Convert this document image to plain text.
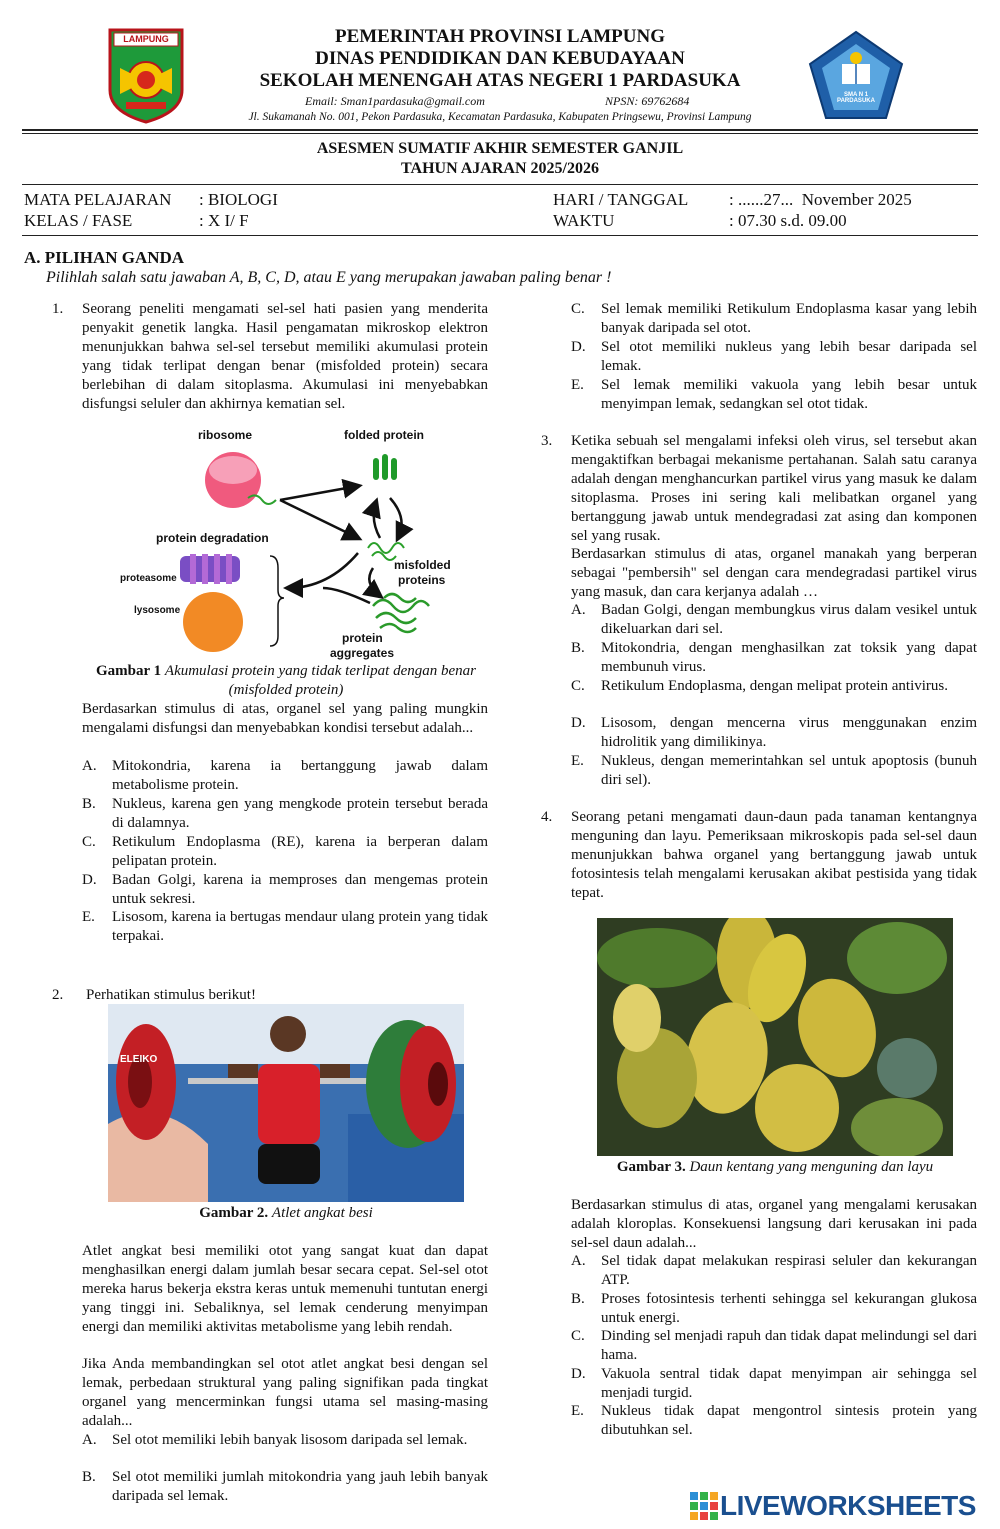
LAMPUNG	PEMERINTAH PROVINSI LAMPUNG
DINAS PENDIDIKAN DAN KEBUDAYAAN
SEKOLAH MENENGAH ATAS NEGERI 1 PARDASUKA
Email: Sman1pardasuka@gmail.com	NPSN: 69762684
Jl. Sukamanah No. 001, Pekon Pardasuka, Kecamatan Pardasuka, Kabupaten Pringsewu, Provinsi Lampung
SMA N 1 PARDASUKA
ASESMEN SUMATIF AKHIR SEMESTER GANJIL
TAHUN AJARAN 2025/2026
MATA PELAJARAN : BIOLOGI
KELAS / FASE	: X I/ F
HARI / TANGGAL : ......27...  November 2025
WAKTU	: 07.30 s.d. 09.00
A. PILIHAN GANDA
Pilihlah salah satu jawaban A, B, C, D, atau E yang merupakan jawaban paling benar !
1. Seorang peneliti mengamati sel-sel hati pasien yang menderita penyakit genetik langka. Hasil pengamatan mikroskop elektron menunjukkan bahwa sel-sel tersebut memiliki akumulasi protein yang tidak terlipat dengan benar (misfolded protein) secara berlebihan di dalam sitoplasma. Akumulasi ini menyebabkan disfungsi seluler dan akhirnya kematian sel.
ribosome	folded protein
protein degradation
proteasome
lysosome
misfolded
proteins
protein
aggregates
Gambar 1 Akumulasi protein yang tidak terlipat dengan benar (misfolded protein)
Berdasarkan stimulus di atas, organel sel yang paling mungkin mengalami disfungsi dan menyebabkan kondisi tersebut adalah...
A. Mitokondria, karena ia bertanggung jawab dalam metabolisme protein.
B. Nukleus, karena gen yang mengkode protein tersebut berada di dalamnya.
C. Retikulum Endoplasma (RE), karena ia berperan dalam pelipatan protein.
D. Badan Golgi, karena ia memproses dan mengemas protein untuk sekresi.
E. Lisosom, karena ia bertugas mendaur ulang protein yang tidak terpakai.
2. Perhatikan stimulus berikut!
ELEIKO
Gambar 2. Atlet angkat besi
Atlet angkat besi memiliki otot yang sangat kuat dan dapat menghasilkan energi dalam jumlah besar secara cepat. Sel-sel otot mereka harus bekerja ekstra keras untuk memenuhi tuntutan energi yang tinggi ini. Sebaliknya, sel lemak cenderung menyimpan energi dan memiliki aktivitas metabolisme yang lebih rendah.
Jika Anda membandingkan sel otot atlet angkat besi dengan sel lemak, perbedaan struktural yang paling signifikan pada tingkat organel yang mencerminkan fungsi utama sel masing-masing adalah...
A. Sel otot memiliki lebih banyak lisosom daripada sel lemak.
B. Sel otot memiliki jumlah mitokondria yang jauh lebih banyak daripada sel lemak.
C. Sel lemak memiliki Retikulum Endoplasma kasar yang lebih banyak daripada sel otot.
D. Sel otot memiliki nukleus yang lebih besar daripada sel lemak.
E. Sel lemak memiliki vakuola yang lebih besar untuk menyimpan lemak, sedangkan sel otot tidak.
3. Ketika sebuah sel mengalami infeksi oleh virus, sel tersebut akan mengaktifkan berbagai mekanisme pertahanan. Salah satu caranya adalah dengan menghancurkan partikel virus yang masuk ke dalam sitoplasma. Proses ini sering kali melibatkan organel yang bertanggung jawab untuk mendegradasi zat asing dan komponen sel yang rusak.
Berdasarkan stimulus di atas, organel manakah yang berperan sebagai "pembersih" sel dengan cara mendegradasi partikel virus yang masuk, dan cara kerjanya adalah …
A. Badan Golgi, dengan membungkus virus dalam vesikel untuk dikeluarkan dari sel.
B. Mitokondria, dengan menghasilkan zat toksik yang dapat membunuh virus.
C. Retikulum Endoplasma, dengan melipat protein antivirus.
D. Lisosom, dengan mencerna virus menggunakan enzim hidrolitik yang dimilikinya.
E. Nukleus, dengan memerintahkan sel untuk apoptosis (bunuh diri sel).
4. Seorang petani mengamati daun-daun pada tanaman kentangnya menguning dan layu. Pemeriksaan mikroskopis pada sel-sel daun menunjukkan bahwa organel yang bertanggung jawab untuk fotosintesis telah mengalami kerusakan akibat pestisida yang tidak tepat.
Gambar 3. Daun kentang yang menguning dan layu
Berdasarkan stimulus di atas, organel yang mengalami kerusakan adalah kloroplas. Konsekuensi langsung dari kerusakan ini pada sel-sel daun adalah...
A. Sel tidak dapat melakukan respirasi seluler dan kekurangan ATP.
B. Proses fotosintesis terhenti sehingga sel kekurangan glukosa untuk energi.
C. Dinding sel menjadi rapuh dan tidak dapat melindungi sel dari hama.
D. Vakuola sentral tidak dapat menyimpan air sehingga sel menjadi turgid.
E. Nukleus tidak dapat mengontrol sintesis protein yang dibutuhkan sel.
LIVEWORKSHEETS
